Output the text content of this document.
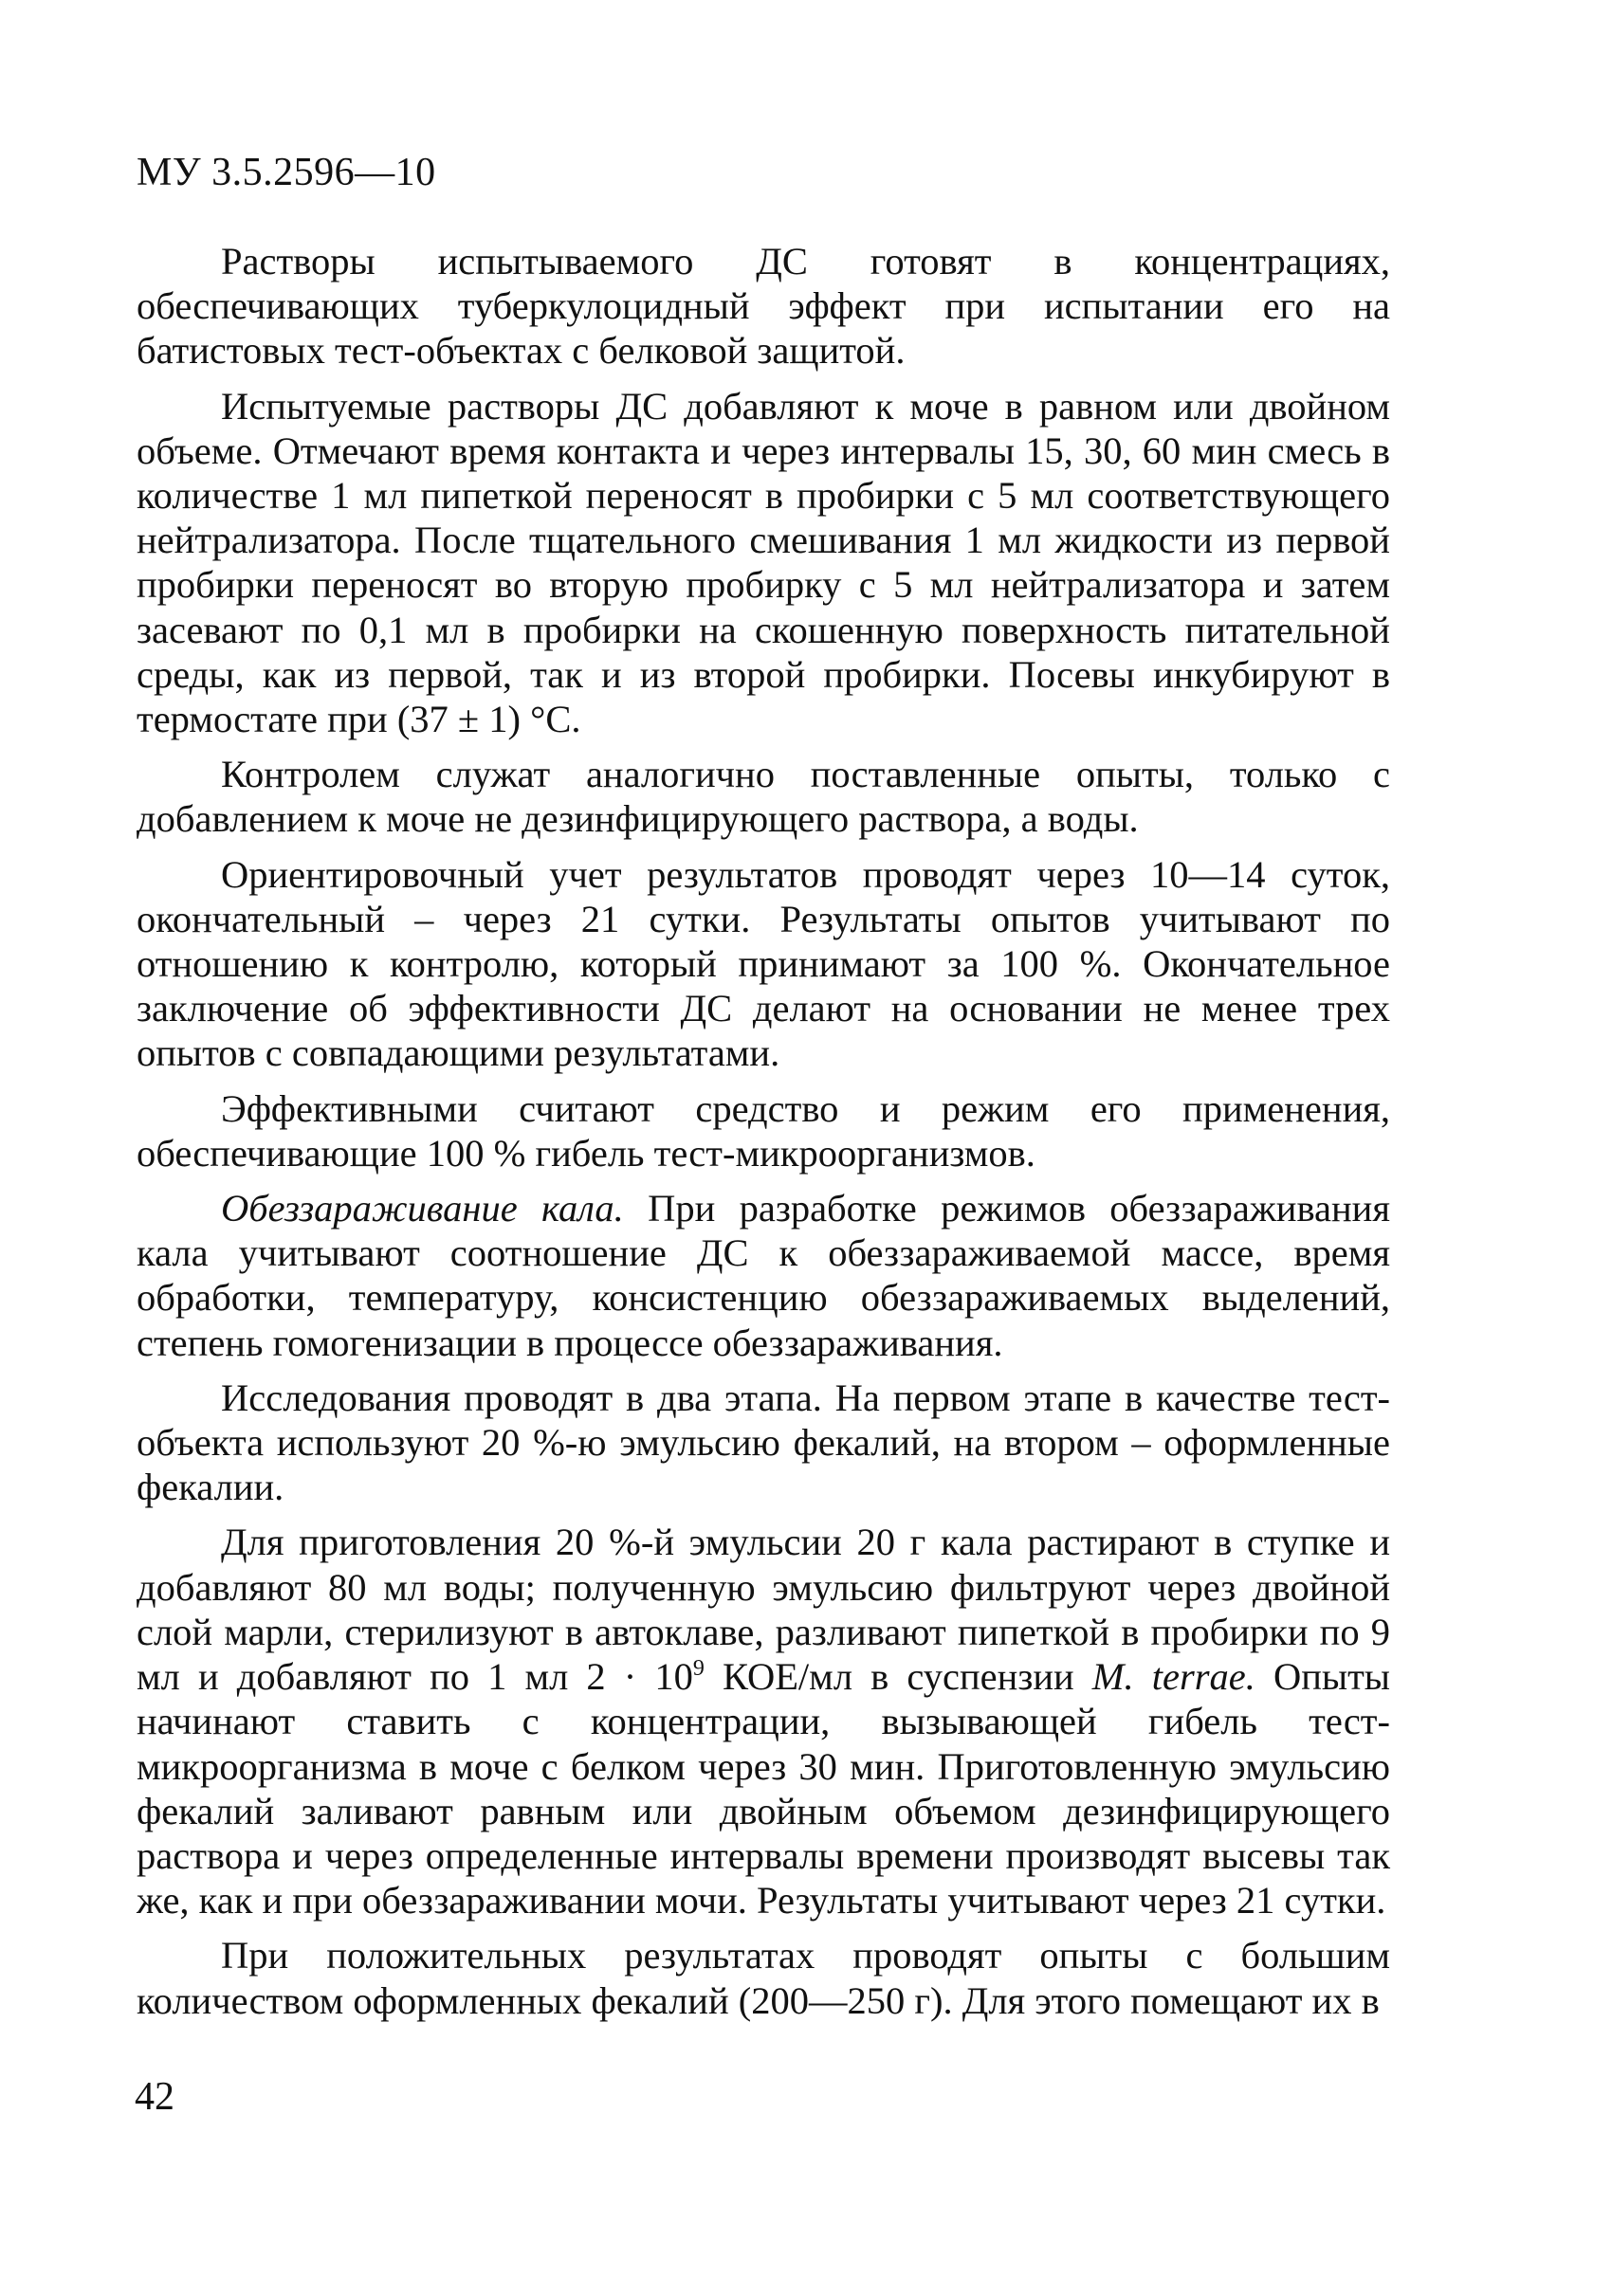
МУ 3.5.2596—10

Растворы испытываемого ДС готовят в концентрациях, обеспечивающих туберкулоцидный эффект при испытании его на батистовых тест-объектах с белковой защитой.

Испытуемые растворы ДС добавляют к моче в равном или двойном объеме. Отмечают время контакта и через интервалы 15, 30, 60 мин смесь в количестве 1 мл пипеткой переносят в пробирки с 5 мл соответствующего нейтрализатора. После тщательного смешивания 1 мл жидкости из первой пробирки переносят во вторую пробирку с 5 мл нейтрализатора и затем засевают по 0,1 мл в пробирки на скошенную поверхность питательной среды, как из первой, так и из второй пробирки. Посевы инкубируют в термостате при (37 ± 1) °С.

Контролем служат аналогично поставленные опыты, только с добавлением к моче не дезинфицирующего раствора, а воды.

Ориентировочный учет результатов проводят через 10—14 суток, окончательный – через 21 сутки. Результаты опытов учитывают по отношению к контролю, который принимают за 100 %. Окончательное заключение об эффективности ДС делают на основании не менее трех опытов с совпадающими результатами.

Эффективными считают средство и режим его применения, обеспечивающие 100 % гибель тест-микроорганизмов.

Обеззараживание кала. При разработке режимов обеззараживания кала учитывают соотношение ДС к обеззараживаемой массе, время обработки, температуру, консистенцию обеззараживаемых выделений, степень гомогенизации в процессе обеззараживания.

Исследования проводят в два этапа. На первом этапе в качестве тест-объекта используют 20 %-ю эмульсию фекалий, на втором – оформленные фекалии.

Для приготовления 20 %-й эмульсии 20 г кала растирают в ступке и добавляют 80 мл воды; полученную эмульсию фильтруют через двойной слой марли, стерилизуют в автоклаве, разливают пипеткой в пробирки по 9 мл и добавляют по 1 мл $2 \cdot 10^9$ КОЕ/мл в суспензии M. terrae. Опыты начинают ставить с концентрации, вызывающей гибель тест-микроорганизма в моче с белком через 30 мин. Приготовленную эмульсию фекалий заливают равным или двойным объемом дезинфицирующего раствора и через определенные интервалы времени производят высевы так же, как и при обеззараживании мочи. Результаты учитывают через 21 сутки.

При положительных результатах проводят опыты с большим количеством оформленных фекалий (200—250 г). Для этого помещают их в

42
